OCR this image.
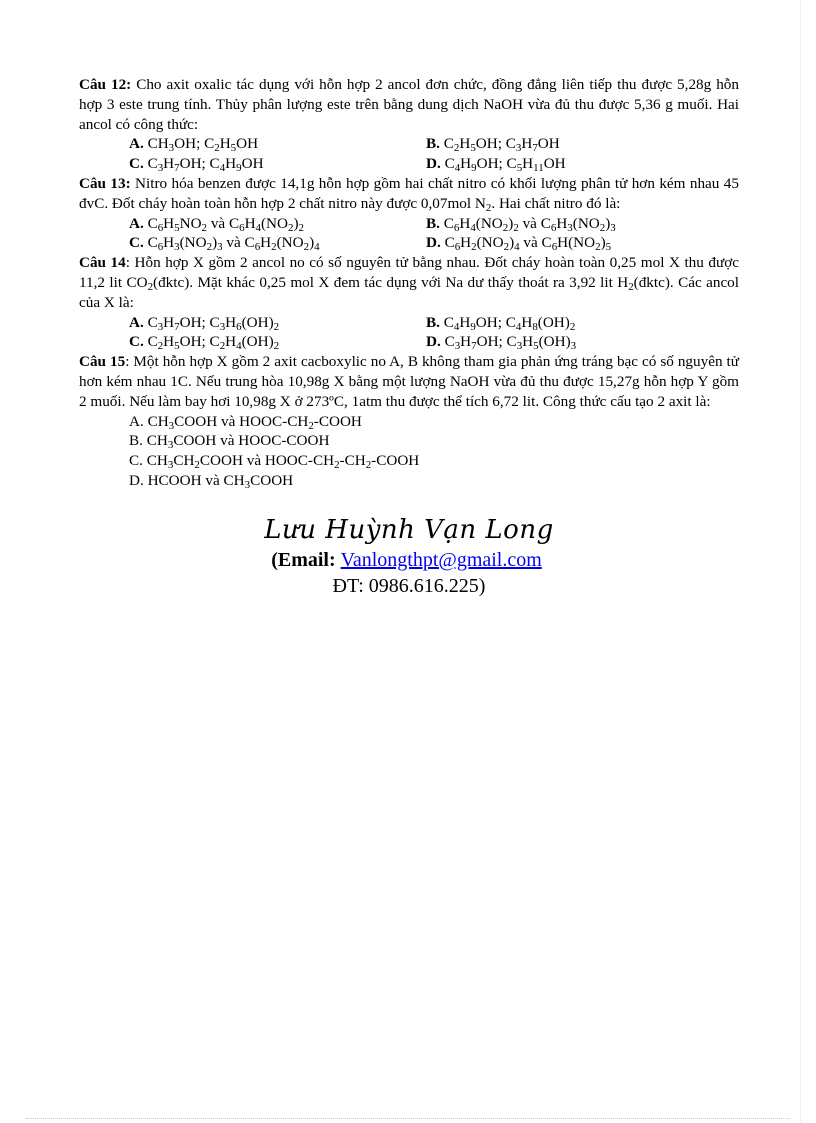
Câu 12: Cho axit oxalic tác dụng với hỗn hợp 2 ancol đơn chức, đồng đẳng liên tiếp thu được 5,28g hỗn hợp 3 este trung tính. Thủy phân lượng este trên bằng dung dịch NaOH vừa đủ thu được 5,36 g muối. Hai ancol có công thức:
A. $CH_3OH$; $C_2H_5OH$	B. $C_2H_5OH$; $C_3H_7OH$
C. $C_3H_7OH$; $C_4H_9OH$	D. $C_4H_9OH$; $C_5H_{11}OH$
Câu 13: Nitro hóa benzen được 14,1g hỗn hợp gồm hai chất nitro có khối lượng phân tử hơn kém nhau 45 đvC. Đốt cháy hoàn toàn hỗn hợp 2 chất nitro này được 0,07mol $N_2$. Hai chất nitro đó là:
A. $C_6H_5NO_2$ và $C_6H_4(NO_2)_2$	B. $C_6H_4(NO_2)_2$ và $C_6H_3(NO_2)_3$
C. $C_6H_3(NO_2)_3$ và $C_6H_2(NO_2)_4$	D. $C_6H_2(NO_2)_4$ và $C_6H(NO_2)_5$
Câu 14: Hỗn hợp X gồm 2 ancol no có số nguyên tử bằng nhau. Đốt cháy hoàn toàn 0,25 mol X thu được 11,2 lit $CO_2(đktc)$. Mặt khác 0,25 mol X đem tác dụng với Na dư thấy thoát ra 3,92 lit $H_2(đktc)$. Các ancol của X là:
A. $C_3H_7OH$; $C_3H_6(OH)_2$	B. $C_4H_9OH$; $C_4H_8(OH)_2$
C. $C_2H_5OH$; $C_2H_4(OH)_2$	D. $C_3H_7OH$; $C_3H_5(OH)_3$
Câu 15: Một hỗn hợp X gồm 2 axit cacboxylic no A, B không tham gia phản ứng tráng bạc có số nguyên tử hơn kém nhau 1C. Nếu trung hòa 10,98g X bằng một lượng NaOH vừa đủ thu được 15,27g hỗn hợp Y gồm 2 muối. Nếu làm bay hơi 10,98g X ở 273ºC, 1atm thu được thể tích 6,72 lit. Công thức cấu tạo 2 axit là:
A. $CH_3COOH$ và HOOC-$CH_2$-COOH
B. $CH_3COOH$ và HOOC-COOH
C. $CH_3CH_2COOH$ và HOOC-$CH_2-CH_2$-COOH
D. HCOOH và $CH_3COOH$
Lưu Huỳnh Vạn Long
(Email: Vanlongthpt@gmail.com
ĐT: 0986.616.225)
